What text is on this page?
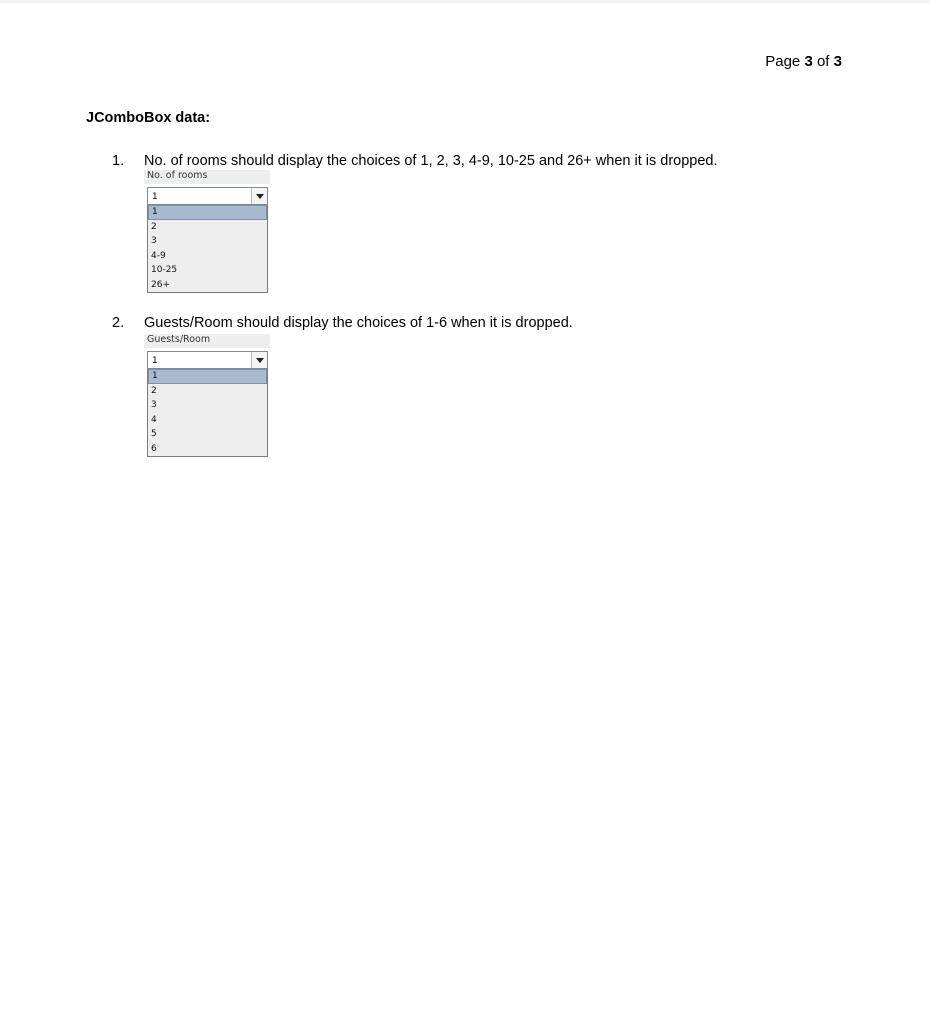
Page 3 of 3
JComboBox data:
1. No. of rooms should display the choices of 1, 2, 3, 4-9, 10-25 and 26+ when it is dropped.
No. of rooms
1
1
2
3
4-9
10-25
26+
2. Guests/Room should display the choices of 1-6 when it is dropped.
Guests/Room
1
1
2
3
4
5
6
